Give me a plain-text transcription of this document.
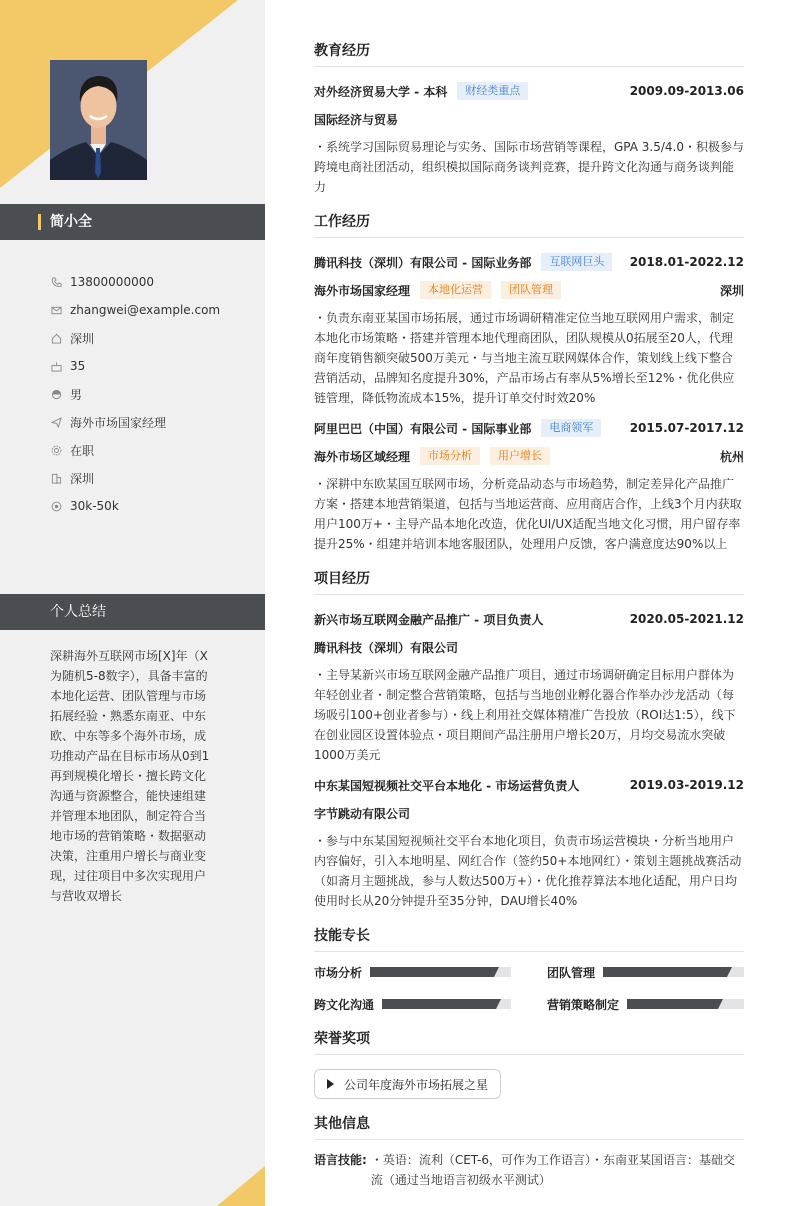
简小全
13800000000
zhangwei@example.com
深圳
35
男
海外市场国家经理
在职
深圳
30k-50k
个人总结
深耕海外互联网市场[X]年（X为随机5-8数字），具备丰富的本地化运营、团队管理与市场拓展经验・熟悉东南亚、中东欧、中东等多个海外市场，成功推动产品在目标市场从0到1再到规模化增长・擅长跨文化沟通与资源整合，能快速组建并管理本地团队，制定符合当地市场的营销策略・数据驱动决策，注重用户增长与商业变现，过往项目中多次实现用户与营收双增长
教育经历
对外经济贸易大学 - 本科	财经类重点	2009.09-2013.06
国际经济与贸易
・系统学习国际贸易理论与实务、国际市场营销等课程，GPA 3.5/4.0・积极参与跨境电商社团活动，组织模拟国际商务谈判竞赛，提升跨文化沟通与商务谈判能力
工作经历
腾讯科技（深圳）有限公司 - 国际业务部	互联网巨头	2018.01-2022.12
海外市场国家经理	本地化运营	团队管理	深圳
・负责东南亚某国市场拓展，通过市场调研精准定位当地互联网用户需求，制定本地化市场策略・搭建并管理本地代理商团队，团队规模从0拓展至20人，代理商年度销售额突破500万美元・与当地主流互联网媒体合作，策划线上线下整合营销活动，品牌知名度提升30%，产品市场占有率从5%增长至12%・优化供应链管理，降低物流成本15%，提升订单交付时效20%
阿里巴巴（中国）有限公司 - 国际事业部	电商领军	2015.07-2017.12
海外市场区域经理	市场分析	用户增长	杭州
・深耕中东欧某国互联网市场，分析竞品动态与市场趋势，制定差异化产品推广方案・搭建本地营销渠道，包括与当地运营商、应用商店合作，上线3个月内获取用户100万+・主导产品本地化改造，优化UI/UX适配当地文化习惯，用户留存率提升25%・组建并培训本地客服团队，处理用户反馈，客户满意度达90%以上
项目经历
新兴市场互联网金融产品推广 - 项目负责人	2020.05-2021.12
腾讯科技（深圳）有限公司
・主导某新兴市场互联网金融产品推广项目，通过市场调研确定目标用户群体为年轻创业者・制定整合营销策略，包括与当地创业孵化器合作举办沙龙活动（每场吸引100+创业者参与）・线上利用社交媒体精准广告投放（ROI达1:5），线下在创业园区设置体验点・项目期间产品注册用户增长20万，月均交易流水突破1000万美元
中东某国短视频社交平台本地化 - 市场运营负责人	2019.03-2019.12
字节跳动有限公司
・参与中东某国短视频社交平台本地化项目，负责市场运营模块・分析当地用户内容偏好，引入本地明星、网红合作（签约50+本地网红）・策划主题挑战赛活动（如斋月主题挑战，参与人数达500万+）・优化推荐算法本地化适配，用户日均使用时长从20分钟提升至35分钟，DAU增长40%
技能专长
市场分析	团队管理
跨文化沟通	营销策略制定
荣誉奖项
公司年度海外市场拓展之星
其他信息
语言技能: ・英语：流利（CET-6，可作为工作语言）・东南亚某国语言：基础交流（通过当地语言初级水平测试）
